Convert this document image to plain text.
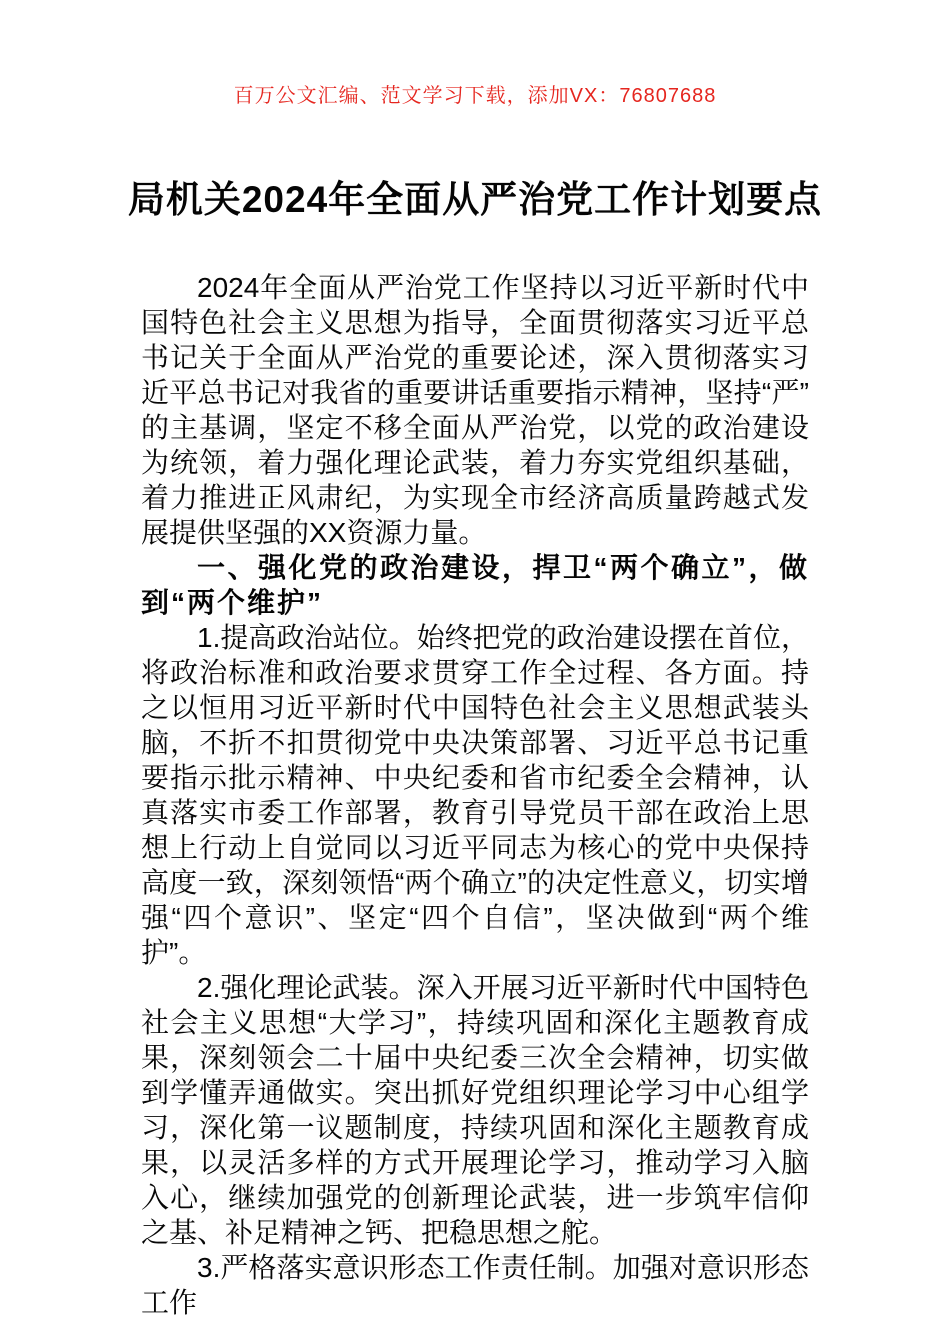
百万公文汇编、范文学习下载，添加VX：76807688
局机关2024年全面从严治党工作计划要点

2024年全面从严治党工作坚持以习近平新时代中国特色社会主义思想为指导，全面贯彻落实习近平总书记关于全面从严治党的重要论述，深入贯彻落实习近平总书记对我省的重要讲话重要指示精神，坚持“严”的主基调，坚定不移全面从严治党，以党的政治建设为统领，着力强化理论武装，着力夯实党组织基础，着力推进正风肃纪，为实现全市经济高质量跨越式发展提供坚强的XX资源力量。

一、强化党的政治建设，捍卫“两个确立”，做到“两个维护”

1.提高政治站位。始终把党的政治建设摆在首位，将政治标准和政治要求贯穿工作全过程、各方面。持之以恒用习近平新时代中国特色社会主义思想武装头脑，不折不扣贯彻党中央决策部署、习近平总书记重要指示批示精神、中央纪委和省市纪委全会精神，认真落实市委工作部署，教育引导党员干部在政治上思想上行动上自觉同以习近平同志为核心的党中央保持高度一致，深刻领悟“两个确立”的决定性意义，切实增强“四个意识”、坚定“四个自信”，坚决做到“两个维护”。

2.强化理论武装。深入开展习近平新时代中国特色社会主义思想“大学习”，持续巩固和深化主题教育成果，深刻领会二十届中央纪委三次全会精神，切实做到学懂弄通做实。突出抓好党组织理论学习中心组学习，深化第一议题制度，持续巩固和深化主题教育成果，以灵活多样的方式开展理论学习，推动学习入脑入心，继续加强党的创新理论武装，进一步筑牢信仰之基、补足精神之钙、把稳思想之舵。

3.严格落实意识形态工作责任制。加强对意识形态工作
